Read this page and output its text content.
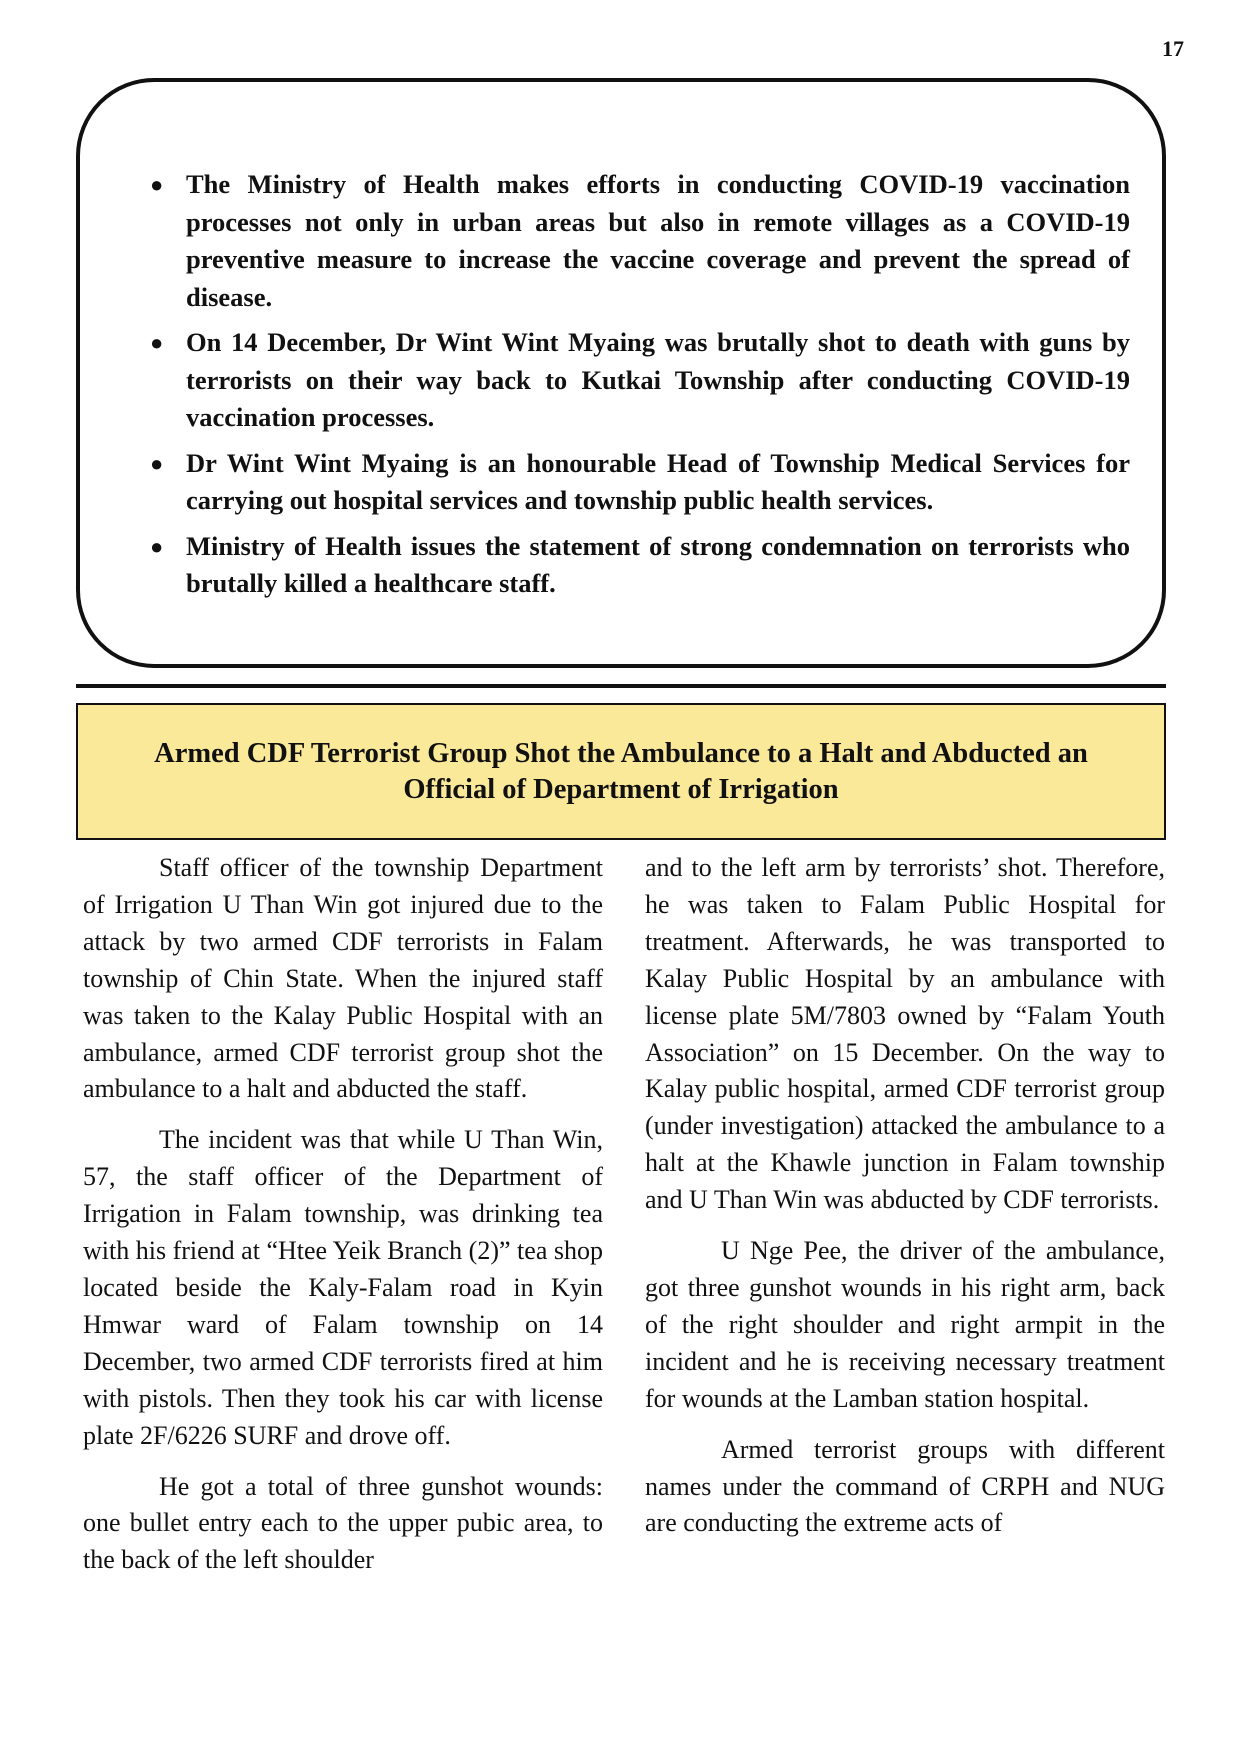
17
● The Ministry of Health makes efforts in conducting COVID-19 vaccination processes not only in urban areas but also in remote villages as a COVID-19 preventive measure to increase the vaccine coverage and prevent the spread of disease.
● On 14 December, Dr Wint Wint Myaing was brutally shot to death with guns by terrorists on their way back to Kutkai Township after conducting COVID-19 vaccination processes.
● Dr Wint Wint Myaing is an honourable Head of Township Medical Services for carrying out hospital services and township public health services.
● Ministry of Health issues the statement of strong condemnation on terrorists who brutally killed a healthcare staff.
Armed CDF Terrorist Group Shot the Ambulance to a Halt and Abducted an Official of Department of Irrigation

Staff officer of the township Department of Irrigation U Than Win got injured due to the attack by two armed CDF terrorists in Falam township of Chin State. When the injured staff was taken to the Kalay Public Hospital with an ambulance, armed CDF terrorist group shot the ambulance to a halt and abducted the staff.

The incident was that while U Than Win, 57, the staff officer of the Department of Irrigation in Falam township, was drinking tea with his friend at “Htee Yeik Branch (2)” tea shop located beside the Kaly-Falam road in Kyin Hmwar ward of Falam township on 14 December, two armed CDF terrorists fired at him with pistols. Then they took his car with license plate 2F/6226 SURF and drove off.

He got a total of three gunshot wounds: one bullet entry each to the upper pubic area, to the back of the left shoulder

and to the left arm by terrorists’ shot. Therefore, he was taken to Falam Public Hospital for treatment. Afterwards, he was transported to Kalay Public Hospital by an ambulance with license plate 5M/7803 owned by “Falam Youth Association” on 15 December. On the way to Kalay public hospital, armed CDF terrorist group (under investigation) attacked the ambulance to a halt at the Khawle junction in Falam township and U Than Win was abducted by CDF terrorists.

U Nge Pee, the driver of the ambulance, got three gunshot wounds in his right arm, back of the right shoulder and right armpit in the incident and he is receiving necessary treatment for wounds at the Lamban station hospital.

Armed terrorist groups with different names under the command of CRPH and NUG are conducting the extreme acts of
